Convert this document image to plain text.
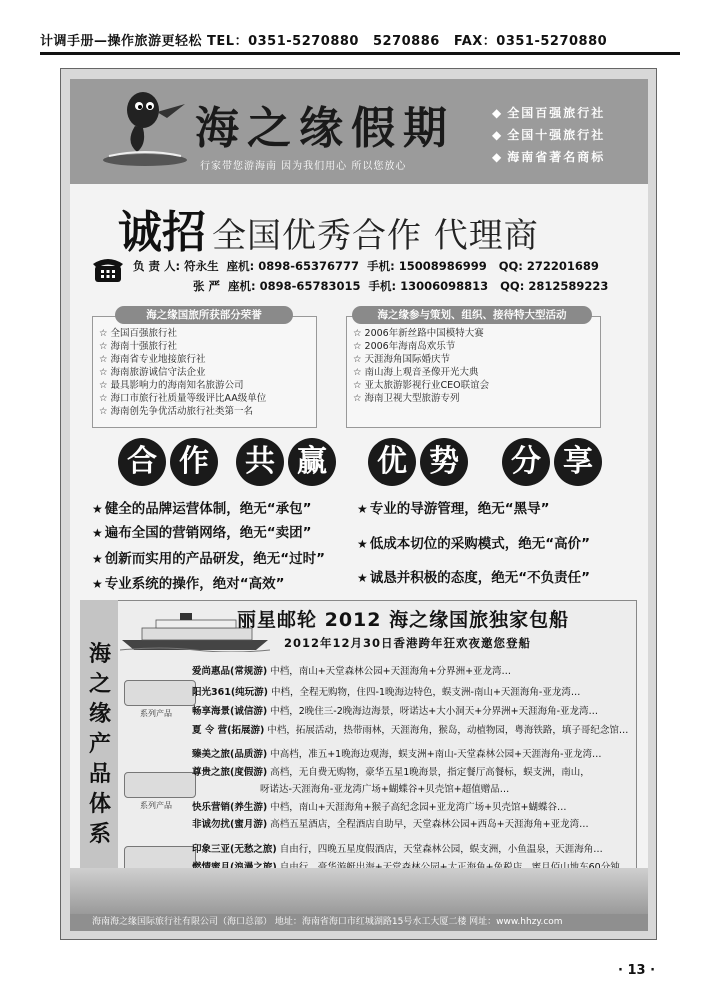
计调手册—操作旅游更轻松 TEL：0351-5270880 5270886 FAX：0351-5270880
海之缘假期
行家带您游海南 因为我们用心 所以您放心
◆ 全国百强旅行社
◆ 全国十强旅行社
◆ 海南省著名商标
诚招 全国优秀合作 代理商
负 责 人: 符永生 座机: 0898-65376777 手机: 15008986999 QQ: 272201689
张 严 座机: 0898-65783015 手机: 13006098813 QQ: 2812589223
☆ 全国百强旅行社
☆ 海南十强旅行社
☆ 海南省专业地接旅行社
☆ 海南旅游诚信守法企业
☆ 最具影响力的海南知名旅游公司
☆ 海口市旅行社质量等级评比AA级单位
☆ 海南创先争优活动旅行社类第一名
☆ 2006年新丝路中国模特大赛
☆ 2006年海南岛欢乐节
☆ 天涯海角国际婚庆节
☆ 南山海上观音圣像开光大典
☆ 亚太旅游影视行业CEO联谊会
☆ 海南卫视大型旅游专列
海之缘国旅所获部分荣誉	海之缘参与策划、组织、接待特大型活动
合 作	共 赢	优 势	分 享
★ 健全的品牌运营体制，绝无“承包”
★ 遍布全国的营销网络，绝无“卖团”
★ 创新而实用的产品研发，绝无“过时”
★ 专业系统的操作，绝对“高效”
★ 专业的导游管理，绝无“黑导”
★ 低成本切位的采购模式，绝无“高价”
★ 诚恳并积极的态度，绝无“不负责任”
海
之
缘
产
品
体
系
丽星邮轮 2012 海之缘国旅独家包船
2012年12月30日香港跨年狂欢夜邀您登船
系列产品
系列产品
爱尚惠品(常规游) 中档，南山+天堂森林公园+天涯海角+分界洲+亚龙湾…
阳光361(纯玩游) 中档，全程无购物，住四-1晚海边特色，蜈支洲-南山+天涯海角-亚龙湾…
畅享海景(诚信游) 中档，2晚住三-2晚海边海景，呀诺达+大小洞天+分界洲+天涯海角-亚龙湾…
夏 令 营(拓展游) 中档，拓展活动，热带雨林，天涯海角，猴岛，动植物园，粤海铁路，填子哥纪念馆…
臻美之旅(品质游) 中高档，准五+1晚海边观海，蜈支洲+南山-天堂森林公园+天涯海角-亚龙湾…
尊贵之旅(度假游) 高档，无自费无购物，豪华五星1晚海景，指定餐厅高餐标，蜈支洲，南山，
呀诺达-天涯海角-亚龙湾广场+蝴蝶谷+贝壳馆+超值赠品…
快乐营销(养生游) 中档，南山+天涯海角+猴子高纪念园+亚龙湾广场+贝壳馆+蝴蝶谷…
非诚勿扰(蜜月游) 高档五星酒店，全程酒店自助早，天堂森林公园+西岛+天涯海角+亚龙湾…
印象三亚(无愁之旅) 自由行，四晚五星度假酒店，天堂森林公园，蜈支洲，小鱼温泉，天涯海角…
海南海之缘国际旅行社有限公司（海口总部） 地址：海南省海口市红城湖路15号水工大厦二楼 网址：www.hhzy.com
· 13 ·
